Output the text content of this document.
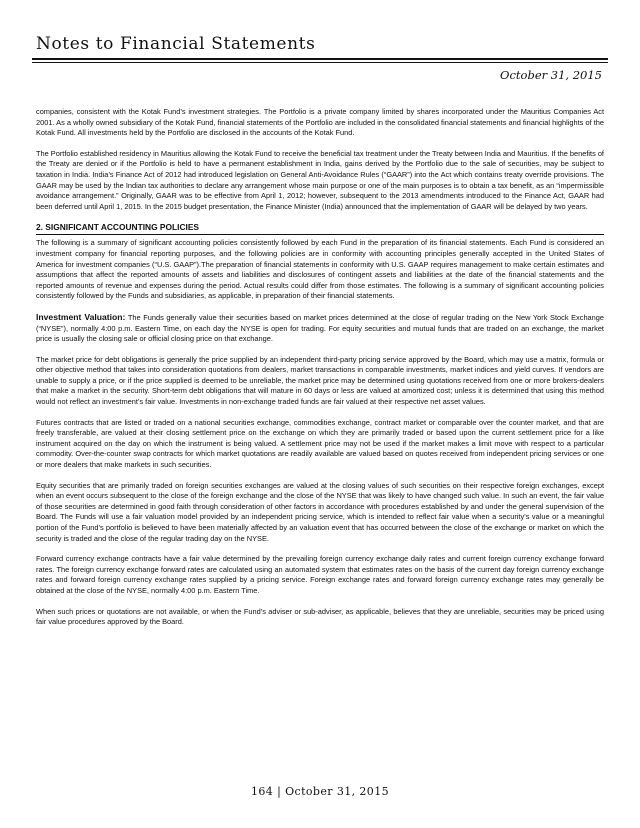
Notes to Financial Statements
October 31, 2015

companies, consistent with the Kotak Fund’s investment strategies. The Portfolio is a private company limited by shares incorporated under the Mauritius Companies Act 2001. As a wholly owned subsidiary of the Kotak Fund, financial statements of the Portfolio are included in the consolidated financial statements and financial highlights of the Kotak Fund. All investments held by the Portfolio are disclosed in the accounts of the Kotak Fund.

The Portfolio established residency in Mauritius allowing the Kotak Fund to receive the beneficial tax treatment under the Treaty between India and Mauritius. If the benefits of the Treaty are denied or if the Portfolio is held to have a permanent establishment in India, gains derived by the Portfolio due to the sale of securities, may be subject to taxation in India. India’s Finance Act of 2012 had introduced legislation on General Anti-Avoidance Rules (“GAAR”) into the Act which contains treaty override provisions. The GAAR may be used by the Indian tax authorities to declare any arrangement whose main purpose or one of the main purposes is to obtain a tax benefit, as an “impermissible avoidance arrangement.” Originally, GAAR was to be effective from April 1, 2012; however, subsequent to the 2013 amendments introduced to the Finance Act, GAAR had been deferred until April 1, 2015. In the 2015 budget presentation, the Finance Minister (India) announced that the implementation of GAAR will be delayed by two years.

2. SIGNIFICANT ACCOUNTING POLICIES

The following is a summary of significant accounting policies consistently followed by each Fund in the preparation of its financial statements. Each Fund is considered an investment company for financial reporting purposes, and the following policies are in conformity with accounting principles generally accepted in the United States of America for investment companies (“U.S. GAAP”).The preparation of financial statements in conformity with U.S. GAAP requires management to make certain estimates and assumptions that affect the reported amounts of assets and liabilities and disclosures of contingent assets and liabilities at the date of the financial statements and the reported amounts of revenue and expenses during the period. Actual results could differ from those estimates. The following is a summary of significant accounting policies consistently followed by the Funds and subsidiaries, as applicable, in preparation of their financial statements.

Investment Valuation: The Funds generally value their securities based on market prices determined at the close of regular trading on the New York Stock Exchange (“NYSE”), normally 4:00 p.m. Eastern Time, on each day the NYSE is open for trading. For equity securities and mutual funds that are traded on an exchange, the market price is usually the closing sale or official closing price on that exchange.

The market price for debt obligations is generally the price supplied by an independent third-party pricing service approved by the Board, which may use a matrix, formula or other objective method that takes into consideration quotations from dealers, market transactions in comparable investments, market indices and yield curves. If vendors are unable to supply a price, or if the price supplied is deemed to be unreliable, the market price may be determined using quotations received from one or more brokers-dealers that make a market in the security. Short-term debt obligations that will mature in 60 days or less are valued at amortized cost; unless it is determined that using this method would not reflect an investment’s fair value. Investments in non-exchange traded funds are fair valued at their respective net asset values.

Futures contracts that are listed or traded on a national securities exchange, commodities exchange, contract market or comparable over the counter market, and that are freely transferable, are valued at their closing settlement price on the exchange on which they are primarily traded or based upon the current settlement price for a like instrument acquired on the day on which the instrument is being valued. A settlement price may not be used if the market makes a limit move with respect to a particular commodity. Over-the-counter swap contracts for which market quotations are readily available are valued based on quotes received from independent pricing services or one or more dealers that make markets in such securities.

Equity securities that are primarily traded on foreign securities exchanges are valued at the closing values of such securities on their respective foreign exchanges, except when an event occurs subsequent to the close of the foreign exchange and the close of the NYSE that was likely to have changed such value. In such an event, the fair value of those securities are determined in good faith through consideration of other factors in accordance with procedures established by and under the general supervision of the Board. The Funds will use a fair valuation model provided by an independent pricing service, which is intended to reflect fair value when a security’s value or a meaningful portion of the Fund’s portfolio is believed to have been materially affected by an valuation event that has occurred between the close of the exchange or market on which the security is traded and the close of the regular trading day on the NYSE.

Forward currency exchange contracts have a fair value determined by the prevailing foreign currency exchange daily rates and current foreign currency exchange forward rates. The foreign currency exchange forward rates are calculated using an automated system that estimates rates on the basis of the current day foreign currency exchange rates and forward foreign currency exchange rates supplied by a pricing service. Foreign exchange rates and forward foreign currency exchange rates may generally be obtained at the close of the NYSE, normally 4:00 p.m. Eastern Time.

When such prices or quotations are not available, or when the Fund’s adviser or sub-adviser, as applicable, believes that they are unreliable, securities may be priced using fair value procedures approved by the Board.

164 | October 31, 2015
